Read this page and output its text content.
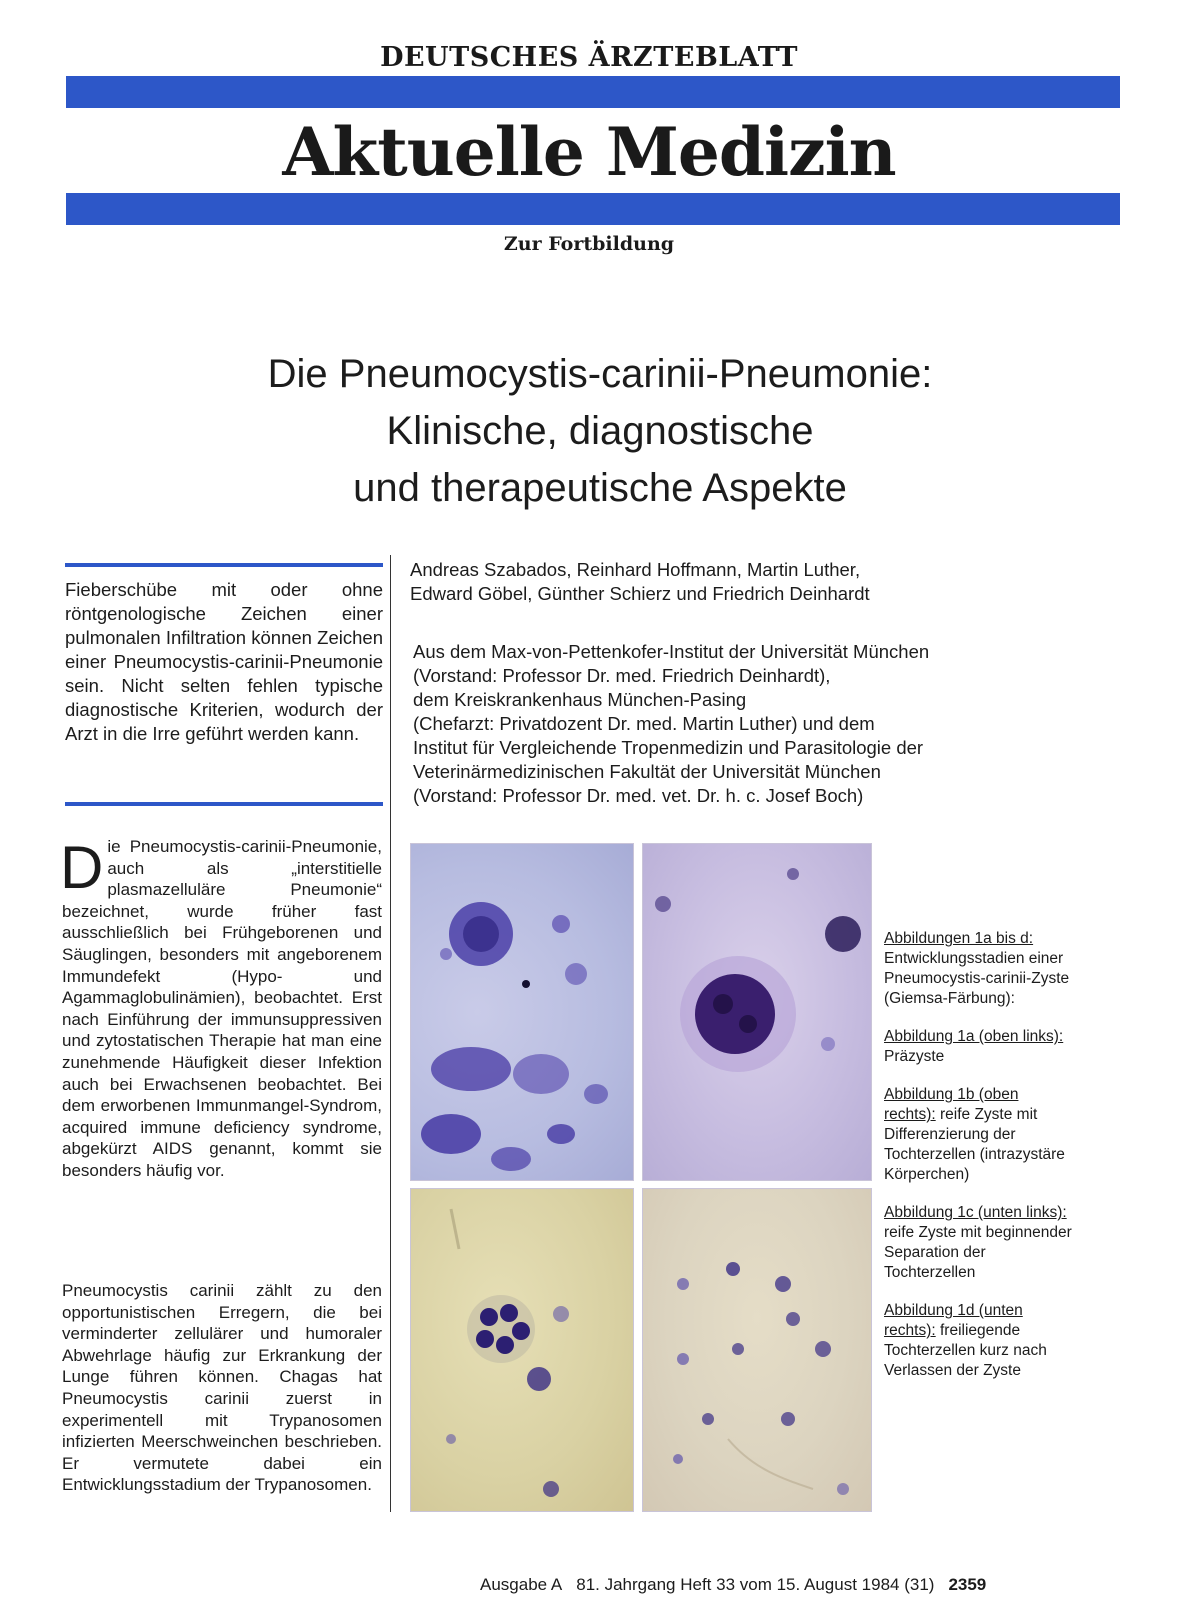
DEUTSCHES ÄRZTEBLATT
Aktuelle Medizin
Zur Fortbildung
Die Pneumocystis-carinii-Pneumonie:
Klinische, diagnostische
und therapeutische Aspekte
Fieberschübe mit oder ohne röntgenologische Zeichen einer pulmonalen Infiltration können Zeichen einer Pneumocystis-carinii-Pneumonie sein. Nicht selten fehlen typische diagnostische Kriterien, wodurch der Arzt in die Irre geführt werden kann.
Die Pneumocystis-carinii-Pneumonie, auch als „interstitielle plasmazelluläre Pneumonie“ bezeichnet, wurde früher fast ausschließlich bei Frühgeborenen und Säuglingen, besonders mit angeborenem Immundefekt (Hypo- und Agammaglobulinämien), beobachtet. Erst nach Einführung der immunsuppressiven und zytostatischen Therapie hat man eine zunehmende Häufigkeit dieser Infektion auch bei Erwachsenen beobachtet. Bei dem erworbenen Immunmangel-Syndrom, acquired immune deficiency syndrome, abgekürzt AIDS genannt, kommt sie besonders häufig vor.
Pneumocystis carinii zählt zu den opportunistischen Erregern, die bei verminderter zellulärer und humoraler Abwehrlage häufig zur Erkrankung der Lunge führen können. Chagas hat Pneumocystis carinii zuerst in experimentell mit Trypanosomen infizierten Meerschweinchen beschrieben. Er vermutete dabei ein Entwicklungsstadium der Trypanosomen.
Andreas Szabados, Reinhard Hoffmann, Martin Luther,
Edward Göbel, Günther Schierz und Friedrich Deinhardt
Aus dem Max-von-Pettenkofer-Institut der Universität München
(Vorstand: Professor Dr. med. Friedrich Deinhardt),
dem Kreiskrankenhaus München-Pasing
(Chefarzt: Privatdozent Dr. med. Martin Luther) und dem
Institut für Vergleichende Tropenmedizin und Parasitologie der
Veterinärmedizinischen Fakultät der Universität München
(Vorstand: Professor Dr. med. vet. Dr. h. c. Josef Boch)
Abbildungen 1a bis d: Entwicklungsstadien einer Pneumocystis-carinii-Zyste (Giemsa-Färbung):
Abbildung 1a (oben links): Präzyste
Abbildung 1b (oben rechts): reife Zyste mit Differenzierung der Tochterzellen (intrazystäre Körperchen)
Abbildung 1c (unten links): reife Zyste mit beginnender Separation der Tochterzellen
Abbildung 1d (unten rechts): freiliegende Tochterzellen kurz nach Verlassen der Zyste
Ausgabe A 81. Jahrgang Heft 33 vom 15. August 1984 (31) 2359
